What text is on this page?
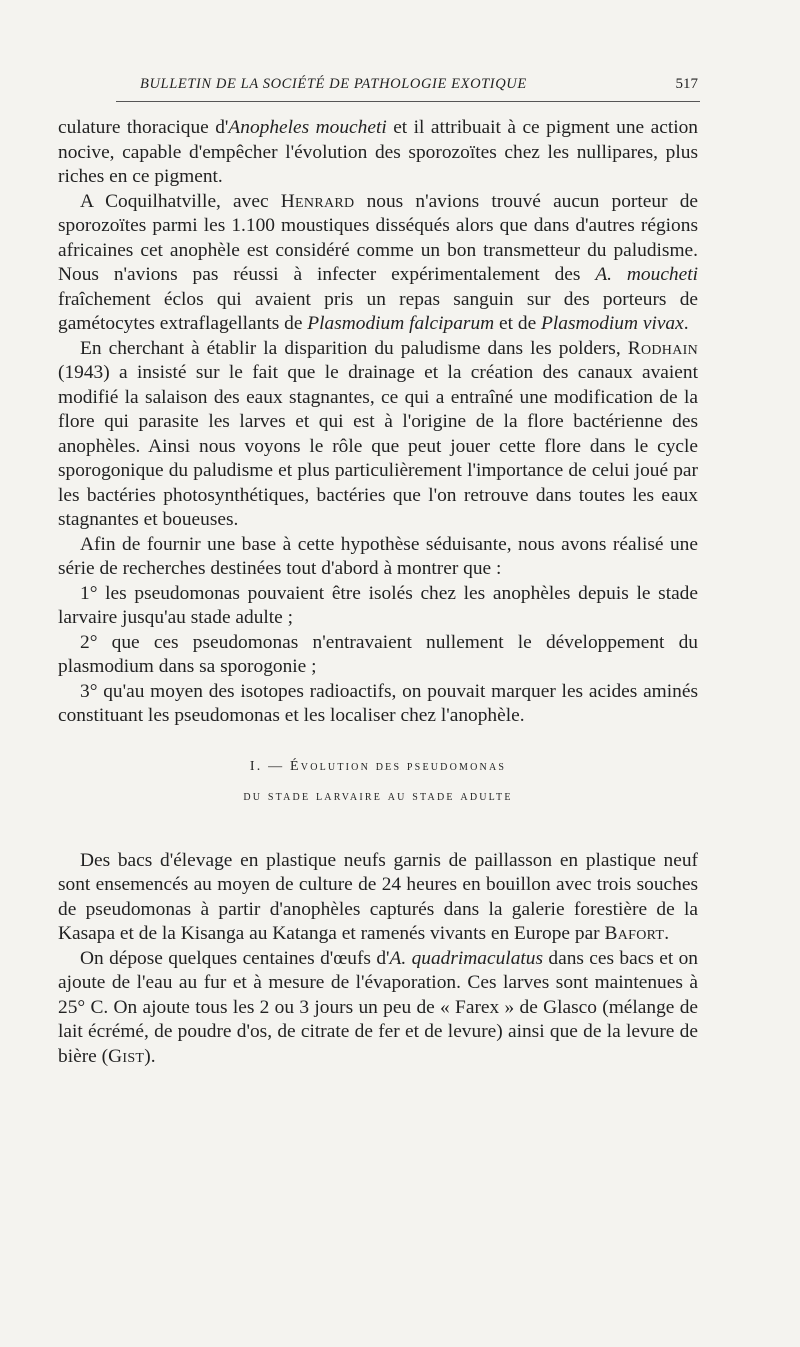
BULLETIN DE LA SOCIÉTÉ DE PATHOLOGIE EXOTIQUE	517

culature thoracique d'Anopheles moucheti et il attribuait à ce pigment une action nocive, capable d'empêcher l'évolution des sporozoïtes chez les nullipares, plus riches en ce pigment.

A Coquilhatville, avec Henrard nous n'avions trouvé aucun porteur de sporozoïtes parmi les 1.100 moustiques disséqués alors que dans d'autres régions africaines cet anophèle est considéré comme un bon transmetteur du paludisme. Nous n'avions pas réussi à infecter expérimentalement des A. moucheti fraîchement éclos qui avaient pris un repas sanguin sur des porteurs de gamétocytes extraflagellants de Plasmodium falciparum et de Plasmodium vivax.

En cherchant à établir la disparition du paludisme dans les polders, Rodhain (1943) a insisté sur le fait que le drainage et la création des canaux avaient modifié la salaison des eaux stagnantes, ce qui a entraîné une modification de la flore qui parasite les larves et qui est à l'origine de la flore bactérienne des anophèles. Ainsi nous voyons le rôle que peut jouer cette flore dans le cycle sporogonique du paludisme et plus particulièrement l'importance de celui joué par les bactéries photosynthétiques, bactéries que l'on retrouve dans toutes les eaux stagnantes et boueuses.

Afin de fournir une base à cette hypothèse séduisante, nous avons réalisé une série de recherches destinées tout d'abord à montrer que :

1° les pseudomonas pouvaient être isolés chez les anophèles depuis le stade larvaire jusqu'au stade adulte ;

2° que ces pseudomonas n'entravaient nullement le développement du plasmodium dans sa sporogonie ;

3° qu'au moyen des isotopes radioactifs, on pouvait marquer les acides aminés constituant les pseudomonas et les localiser chez l'anophèle.

I. — Évolution des pseudomonas
du stade larvaire au stade adulte

Des bacs d'élevage en plastique neufs garnis de paillasson en plastique neuf sont ensemencés au moyen de culture de 24 heures en bouillon avec trois souches de pseudomonas à partir d'anophèles capturés dans la galerie forestière de la Kasapa et de la Kisanga au Katanga et ramenés vivants en Europe par Bafort.

On dépose quelques centaines d'œufs d'A. quadrimaculatus dans ces bacs et on ajoute de l'eau au fur et à mesure de l'évaporation. Ces larves sont maintenues à 25° C. On ajoute tous les 2 ou 3 jours un peu de « Farex » de Glasco (mélange de lait écrémé, de poudre d'os, de citrate de fer et de levure) ainsi que de la levure de bière (Gist).
